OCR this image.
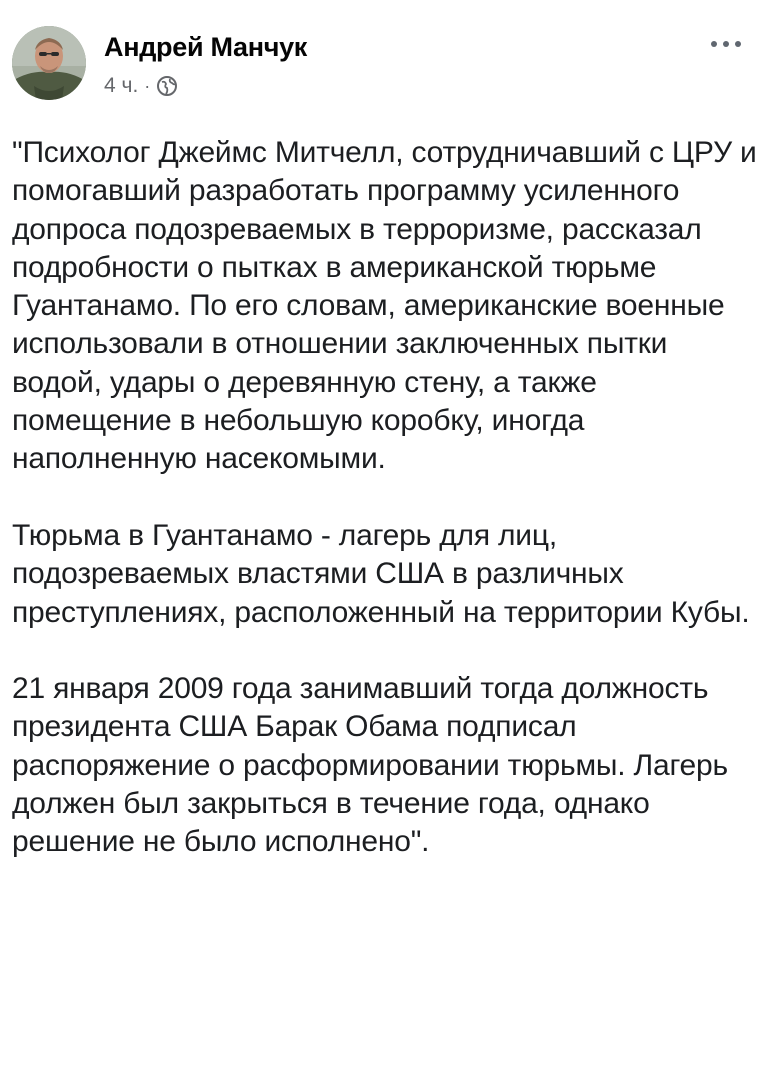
Андрей Манчук
4 ч. ·

"Психолог Джеймс Митчелл, сотрудничавший с ЦРУ и помогавший разработать программу усиленного допроса подозреваемых в терроризме, рассказал подробности о пытках в американской тюрьме Гуантанамо. По его словам, американские военные использовали в отношении заключенных пытки водой, удары о деревянную стену, а также помещение в небольшую коробку, иногда наполненную насекомыми.

Тюрьма в Гуантанамо - лагерь для лиц, подозреваемых властями США в различных преступлениях, расположенный на территории Кубы.

21 января 2009 года занимавший тогда должность президента США Барак Обама подписал распоряжение о расформировании тюрьмы. Лагерь должен был закрыться в течение года, однако решение не было исполнено".
